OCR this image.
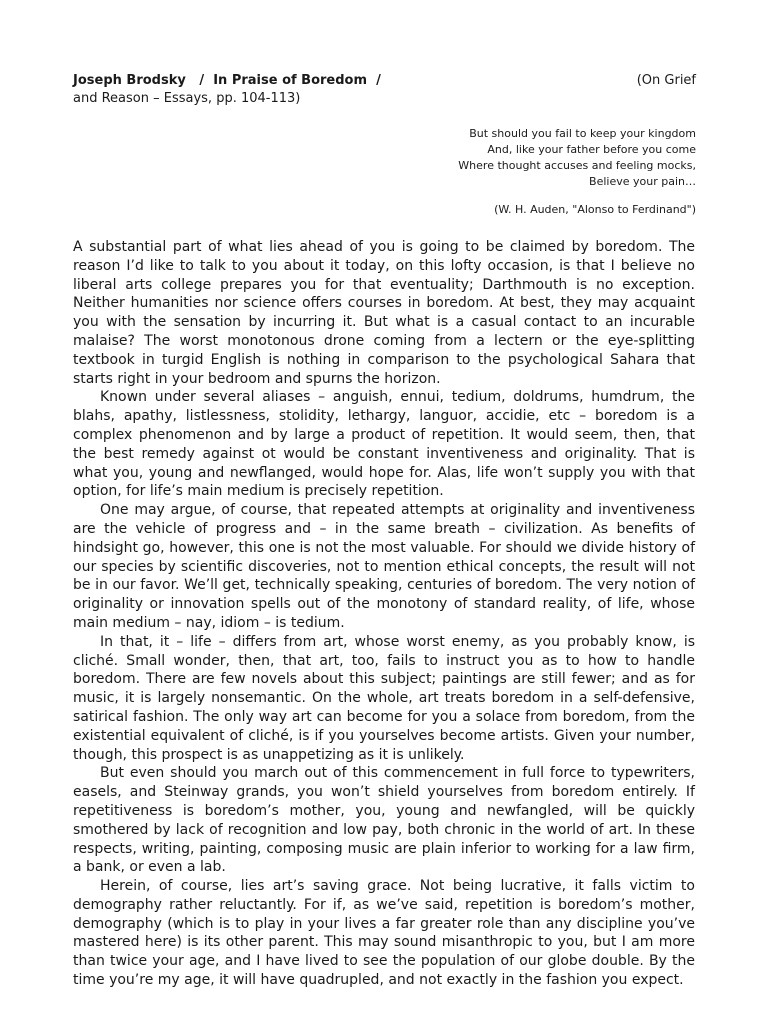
Joseph Brodsky   /  In Praise of Boredom  /	(On Grief
and Reason – Essays, pp. 104-113)
But should you fail to keep your kingdom
And, like your father before you come
Where thought accuses and feeling mocks,
Believe your pain…
(W. H. Auden, "Alonso to Ferdinand")

A substantial part of what lies ahead of you is going to be claimed by boredom. The reason I’d like to talk to you about it today, on this lofty occasion, is that I believe no liberal arts college prepares you for that eventuality; Darthmouth is no exception. Neither humanities nor science offers courses in boredom. At best, they may acquaint you with the sensation by incurring it. But what is a casual contact to an incurable malaise? The worst monotonous drone coming from a lectern or the eye-splitting textbook in turgid English is nothing in comparison to the psychological Sahara that starts right in your bedroom and spurns the horizon.

Known under several aliases – anguish, ennui, tedium, doldrums, humdrum, the blahs, apathy, listlessness, stolidity, lethargy, languor, accidie, etc – boredom is a complex phenomenon and by large a product of repetition. It would seem, then, that the best remedy against ot would be constant inventiveness and originality. That is what you, young and newflanged, would hope for. Alas, life won’t supply you with that option, for life’s main medium is precisely repetition.

One may argue, of course, that repeated attempts at originality and inventiveness are the vehicle of progress and – in the same breath – civilization. As benefits of hindsight go, however, this one is not the most valuable. For should we divide history of our species by scientific discoveries, not to mention ethical concepts, the result will not be in our favor. We’ll get, technically speaking, centuries of boredom. The very notion of originality or innovation spells out of the monotony of standard reality, of life, whose main medium – nay, idiom – is tedium.

In that, it – life – differs from art, whose worst enemy, as you probably know, is cliché. Small wonder, then, that art, too, fails to instruct you as to how to handle boredom. There are few novels about this subject; paintings are still fewer; and as for music, it is largely nonsemantic. On the whole, art treats boredom in a self-defensive, satirical fashion. The only way art can become for you a solace from boredom, from the existential equivalent of cliché, is if you yourselves become artists. Given your number, though, this prospect is as unappetizing as it is unlikely.

But even should you march out of this commencement in full force to typewriters, easels, and Steinway grands, you won’t shield yourselves from boredom entirely. If repetitiveness is boredom’s mother, you, young and newfangled, will be quickly smothered by lack of recognition and low pay, both chronic in the world of art. In these respects, writing, painting, composing music are plain inferior to working for a law firm, a bank, or even a lab.

Herein, of course, lies art’s saving grace. Not being lucrative, it falls victim to demography rather reluctantly. For if, as we’ve said, repetition is boredom’s mother, demography (which is to play in your lives a far greater role than any discipline you’ve mastered here) is its other parent. This may sound misanthropic to you, but I am more than twice your age, and I have lived to see the population of our globe double. By the time you’re my age, it will have quadrupled, and not exactly in the fashion you expect.
